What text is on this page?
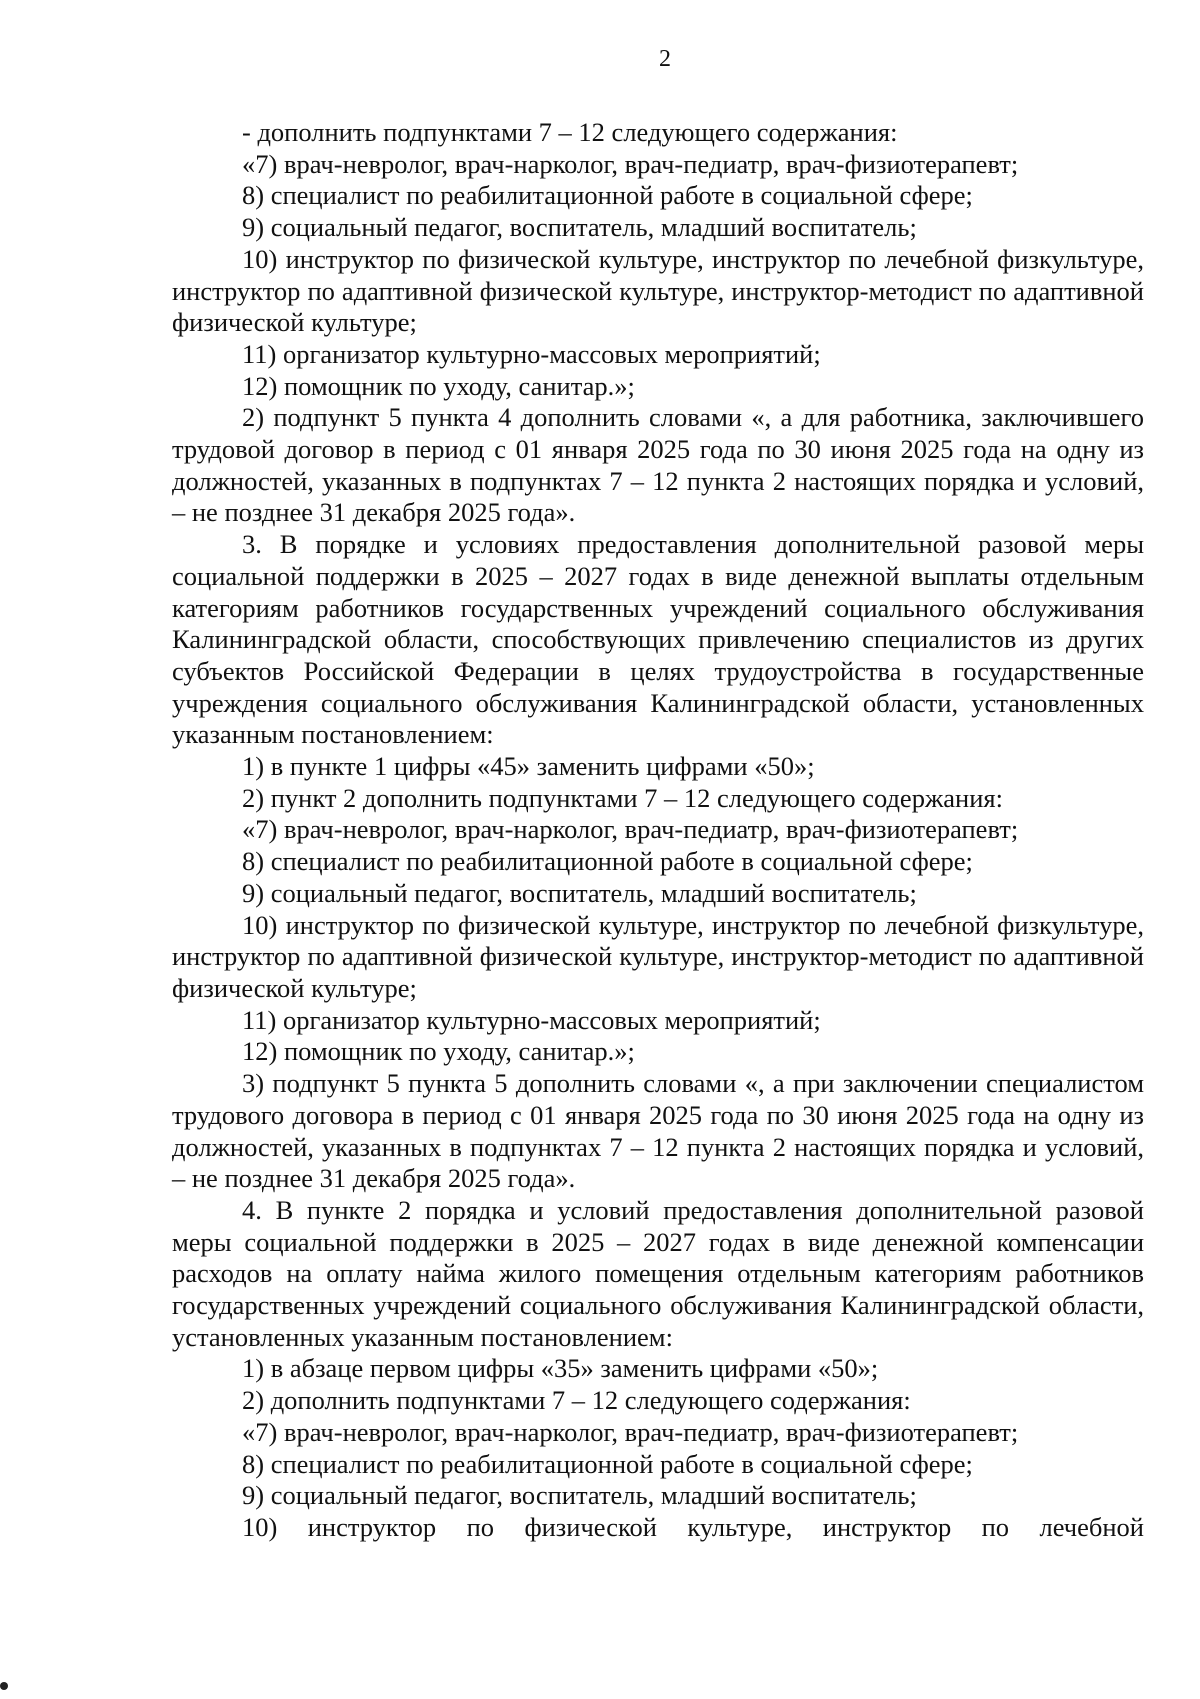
2

- дополнить подпунктами 7 – 12 следующего содержания:

«7) врач-невролог, врач-нарколог, врач-педиатр, врач-физиотерапевт;

8) специалист по реабилитационной работе в социальной сфере;

9) социальный педагог, воспитатель, младший воспитатель;

10) инструктор по физической культуре, инструктор по лечебной физкультуре, инструктор по адаптивной физической культуре, инструктор-методист по адаптивной физической культуре;

11) организатор культурно-массовых мероприятий;

12) помощник по уходу, санитар.»;

2) подпункт 5 пункта 4 дополнить словами «, а для работника, заключившего трудовой договор в период с 01 января 2025 года по 30 июня 2025 года на одну из должностей, указанных в подпунктах 7 – 12 пункта 2 настоящих порядка и условий, – не позднее 31 декабря 2025 года».

3. В порядке и условиях предоставления дополнительной разовой меры социальной поддержки в 2025 – 2027 годах в виде денежной выплаты отдельным категориям работников государственных учреждений социального обслуживания Калининградской области, способствующих привлечению специалистов из других субъектов Российской Федерации в целях трудоустройства в государственные учреждения социального обслуживания Калининградской области, установленных указанным постановлением:

1) в пункте 1 цифры «45» заменить цифрами «50»;

2) пункт 2 дополнить подпунктами 7 – 12 следующего содержания:

«7) врач-невролог, врач-нарколог, врач-педиатр, врач-физиотерапевт;

8) специалист по реабилитационной работе в социальной сфере;

9) социальный педагог, воспитатель, младший воспитатель;

10) инструктор по физической культуре, инструктор по лечебной физкультуре, инструктор по адаптивной физической культуре, инструктор-методист по адаптивной физической культуре;

11) организатор культурно-массовых мероприятий;

12) помощник по уходу, санитар.»;

3) подпункт 5 пункта 5 дополнить словами «, а при заключении специалистом трудового договора в период с 01 января 2025 года по 30 июня 2025 года на одну из должностей, указанных в подпунктах 7 – 12 пункта 2 настоящих порядка и условий, – не позднее 31 декабря 2025 года».

4. В пункте 2 порядка и условий предоставления дополнительной разовой меры социальной поддержки в 2025 – 2027 годах в виде денежной компенсации расходов на оплату найма жилого помещения отдельным категориям работников государственных учреждений социального обслуживания Калининградской области, установленных указанным постановлением:

1) в абзаце первом цифры «35» заменить цифрами «50»;

2) дополнить подпунктами 7 – 12 следующего содержания:

«7) врач-невролог, врач-нарколог, врач-педиатр, врач-физиотерапевт;

8) специалист по реабилитационной работе в социальной сфере;

9) социальный педагог, воспитатель, младший воспитатель;

10) инструктор по физической культуре, инструктор по лечебной
